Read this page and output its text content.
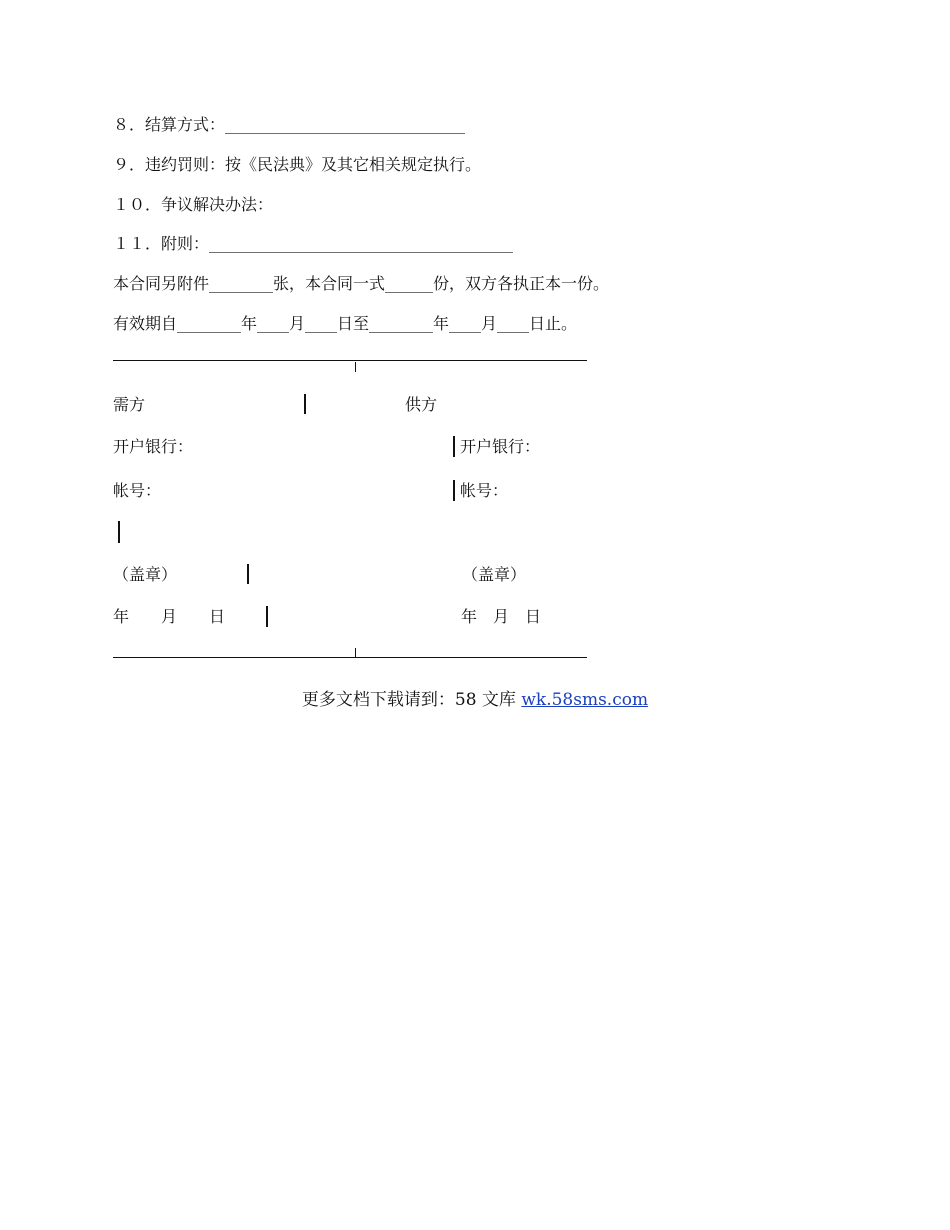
８．结算方式：______________________________
９．违约罚则：按《民法典》及其它相关规定执行。
１０．争议解决办法：
１１．附则：______________________________________
本合同另附件________张，本合同一式______份，双方各执正本一份。
有效期自________年____月____日至________年____月____日止。
需方	供方
开户银行：	开户银行：
帐号：	帐号：
（盖章）	（盖章）
年　　月　　日	年　月　日
更多文档下载请到：58 文库 wk.58sms.com
